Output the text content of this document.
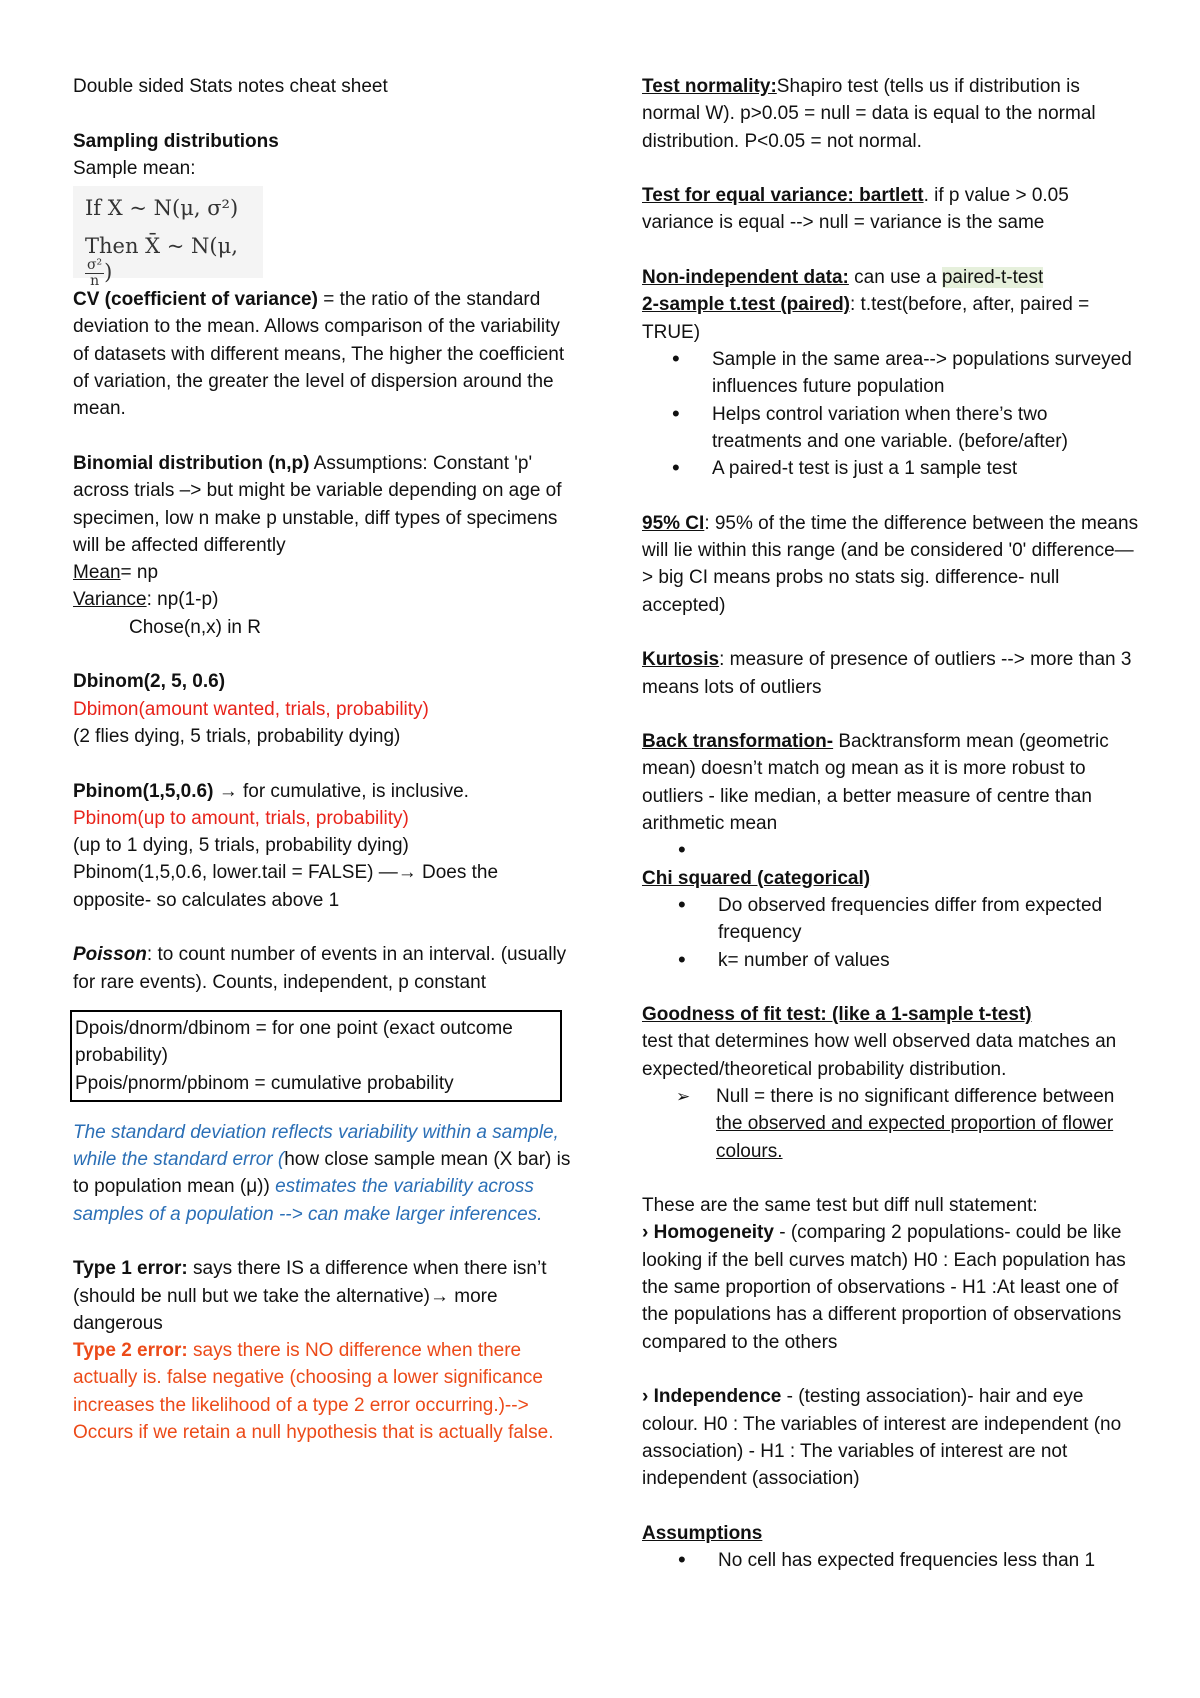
Double sided Stats notes cheat sheet

Sampling distributions

Sample mean:

If X ~ N(μ, σ²)
Then X̄ ~ N(μ,
$\frac{\text{σ²}}{n}$ )

CV (coefficient of variance) = the ratio of the standard deviation to the mean. Allows comparison of the variability of datasets with different means, The higher the coefficient of variation, the greater the level of dispersion around the mean.

Binomial distribution (n,p) Assumptions: Constant 'p' across trials –> but might be variable depending on age of specimen, low n make p unstable, diff types of specimens will be affected differently

Mean= np

Variance: np(1-p)

Chose(n,x) in R

Dbinom(2, 5, 0.6)

Dbimon(amount wanted, trials, probability)

(2 flies dying, 5 trials, probability dying)

Pbinom(1,5,0.6) → for cumulative, is inclusive.

Pbinom(up to amount, trials, probability)

(up to 1 dying, 5 trials, probability dying)

Pbinom(1,5,0.6, lower.tail = FALSE) —→ Does the opposite- so calculates above 1

Poisson: to count number of events in an interval. (usually for rare events). Counts, independent, p constant

Dpois/dnorm/dbinom = for one point (exact outcome probability)

Ppois/pnorm/pbinom = cumulative probability

The standard deviation reflects variability within a sample, while the standard error (how close sample mean (X bar) is to population mean (μ)) estimates the variability across samples of a population --> can make larger inferences.

Type 1 error: says there IS a difference when there isn’t (should be null but we take the alternative)→ more dangerous

Type 2 error: says there is NO difference when there actually is. false negative (choosing a lower significance increases the likelihood of a type 2 error occurring.)--> Occurs if we retain a null hypothesis that is actually false.

Test normality:Shapiro test (tells us if distribution is normal W). p>0.05 = null = data is equal to the normal distribution. P<0.05 = not normal.

Test for equal variance: bartlett. if p value > 0.05 variance is equal --> null = variance is the same

Non-independent data: can use a paired-t-test

2-sample t.test (paired): t.test(before, after, paired = TRUE)

• Sample in the same area--> populations surveyed influences future population
• Helps control variation when there’s two treatments and one variable. (before/after)
• A paired-t test is just a 1 sample test

95% CI: 95% of the time the difference between the means will lie within this range (and be considered '0' difference—> big CI means probs no stats sig. difference- null accepted)

Kurtosis: measure of presence of outliers --> more than 3 means lots of outliers

Back transformation- Backtransform mean (geometric mean) doesn’t match og mean as it is more robust to outliers - like median, a better measure of centre than arithmetic mean

•

Chi squared (categorical)

• Do observed frequencies differ from expected frequency
• k= number of values

Goodness of fit test: (like a 1-sample t-test)

test that determines how well observed data matches an expected/theoretical probability distribution.

➢ Null = there is no significant difference between the observed and expected proportion of flower colours.

These are the same test but diff null statement:

› Homogeneity - (comparing 2 populations- could be like looking if the bell curves match) H0 : Each population has the same proportion of observations - H1 :At least one of the populations has a different proportion of observations compared to the others

› Independence - (testing association)- hair and eye colour. H0 : The variables of interest are independent (no association) - H1 : The variables of interest are not independent (association)

Assumptions

• No cell has expected frequencies less than 1
